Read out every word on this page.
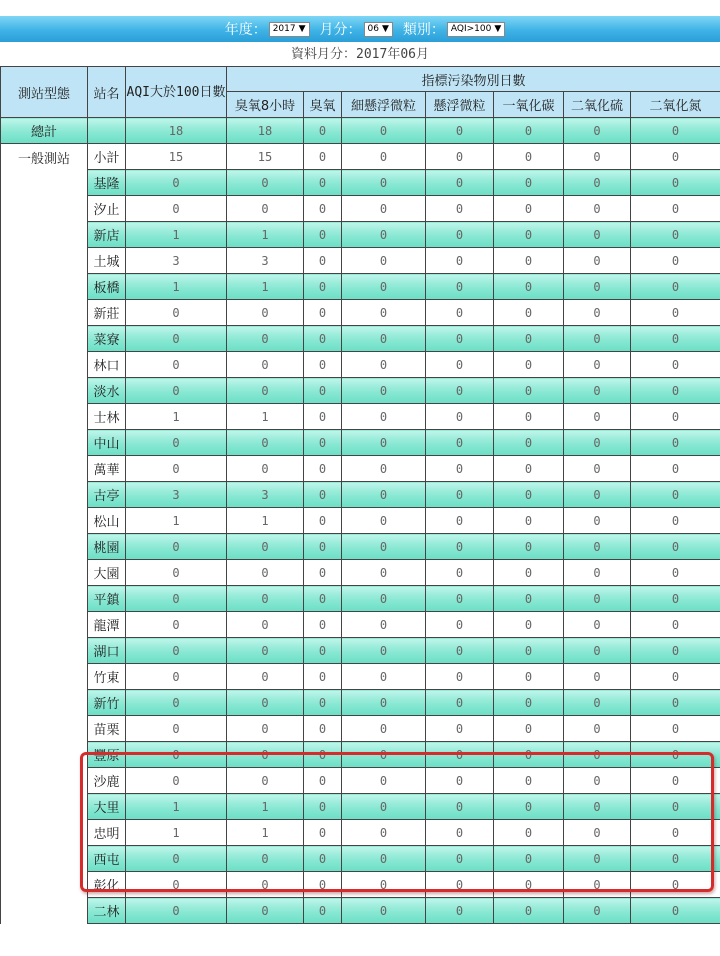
年度： 2017 ▼ 月分： 06 ▼ 類別： AQI>100 ▼
資料月分：2017年06月
測站型態	站名	AQI大於100日數	指標污染物別日數						
			臭氧8小時	臭氧	細懸浮微粒	懸浮微粒	一氧化碳	二氧化硫	二氧化氮
總計		18	18	0	0	0	0	0	0
一般測站	小計	15	15	0	0	0	0	0	0
	基隆	0	0	0	0	0	0	0	0
	汐止	0	0	0	0	0	0	0	0
	新店	1	1	0	0	0	0	0	0
	土城	3	3	0	0	0	0	0	0
	板橋	1	1	0	0	0	0	0	0
	新莊	0	0	0	0	0	0	0	0
	菜寮	0	0	0	0	0	0	0	0
	林口	0	0	0	0	0	0	0	0
	淡水	0	0	0	0	0	0	0	0
	士林	1	1	0	0	0	0	0	0
	中山	0	0	0	0	0	0	0	0
	萬華	0	0	0	0	0	0	0	0
	古亭	3	3	0	0	0	0	0	0
	松山	1	1	0	0	0	0	0	0
	桃園	0	0	0	0	0	0	0	0
	大園	0	0	0	0	0	0	0	0
	平鎮	0	0	0	0	0	0	0	0
	龍潭	0	0	0	0	0	0	0	0
	湖口	0	0	0	0	0	0	0	0
	竹東	0	0	0	0	0	0	0	0
	新竹	0	0	0	0	0	0	0	0
	苗栗	0	0	0	0	0	0	0	0
	豐原	0	0	0	0	0	0	0	0
	沙鹿	0	0	0	0	0	0	0	0
	大里	1	1	0	0	0	0	0	0
	忠明	1	1	0	0	0	0	0	0
	西屯	0	0	0	0	0	0	0	0
	彰化	0	0	0	0	0	0	0	0
	二林	0	0	0	0	0	0	0	0
